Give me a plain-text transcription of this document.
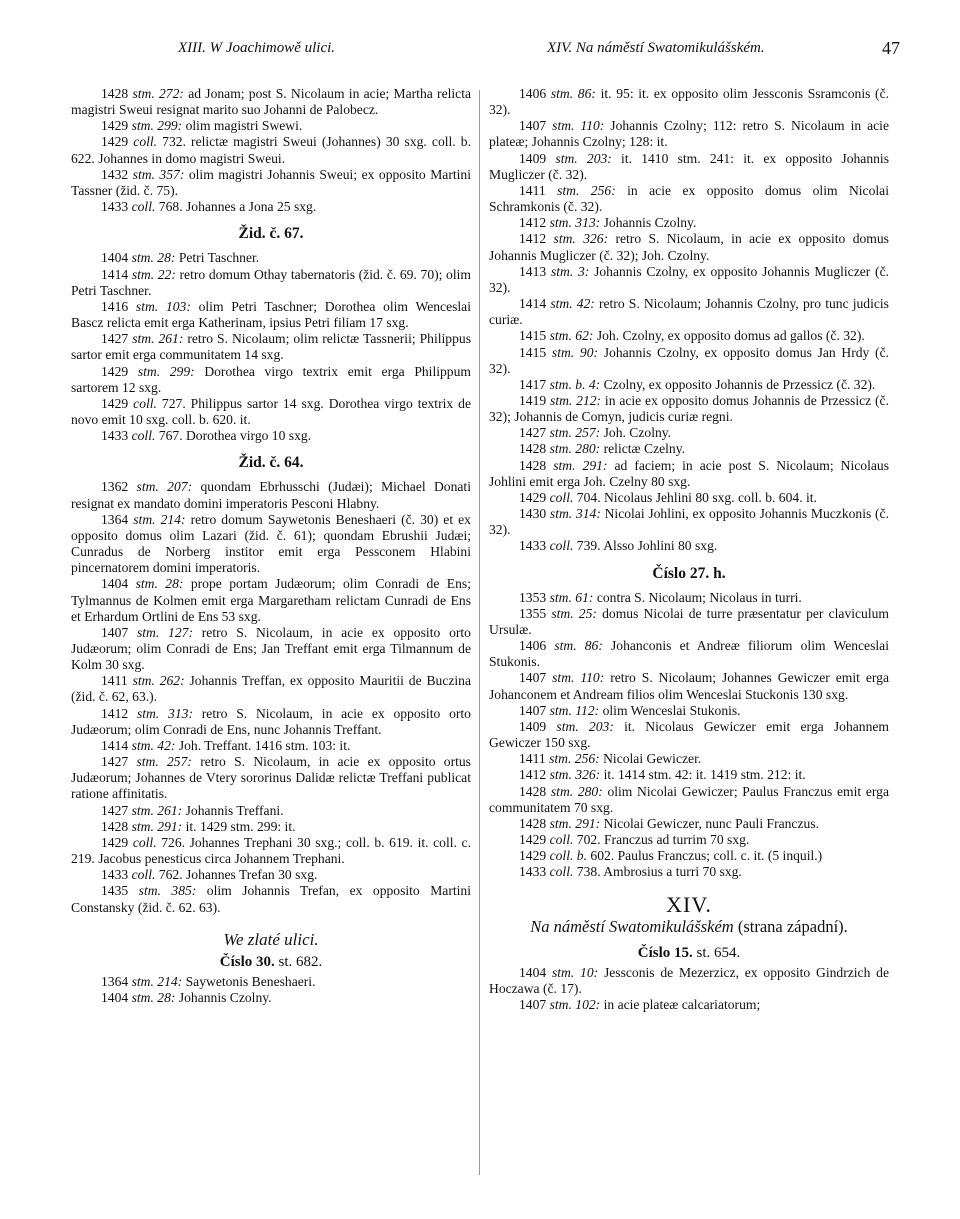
XIII. W Joachimowě ulici.	XIV. Na náměstí Swatomikulášském.	47

1428 stm. 272: ad Jonam; post S. Nicolaum in acie; Martha relicta magistri Sweui resignat marito suo Johanni de Palobecz.

1429 stm. 299: olim magistri Swewi.

1429 coll. 732. relictæ magistri Sweui (Johannes) 30 sxg. coll. b. 622. Johannes in domo magistri Sweui.

1432 stm. 357: olim magistri Johannis Sweui; ex opposito Martini Tassner (žid. č. 75).

1433 coll. 768. Johannes a Jona 25 sxg.

Žid. č. 67.

1404 stm. 28: Petri Taschner.

1414 stm. 22: retro domum Othay tabernatoris (žid. č. 69. 70); olim Petri Taschner.

1416 stm. 103: olim Petri Taschner; Dorothea olim Wenceslai Bascz relicta emit erga Katherinam, ipsius Petri filiam 17 sxg.

1427 stm. 261: retro S. Nicolaum; olim relictæ Tassnerii; Philippus sartor emit erga communitatem 14 sxg.

1429 stm. 299: Dorothea virgo textrix emit erga Philippum sartorem 12 sxg.

1429 coll. 727. Philippus sartor 14 sxg. Dorothea virgo textrix de novo emit 10 sxg. coll. b. 620. it.

1433 coll. 767. Dorothea virgo 10 sxg.

Žid. č. 64.

1362 stm. 207: quondam Ebrhusschi (Judæi); Michael Donati resignat ex mandato domini imperatoris Pesconi Hlabny.

1364 stm. 214: retro domum Saywetonis Beneshaeri (č. 30) et ex opposito domus olim Lazari (žid. č. 61); quondam Ebrushii Judæi; Cunradus de Norberg institor emit erga Pessconem Hlabini pincernatorem domini imperatoris.

1404 stm. 28: prope portam Judæorum; olim Conradi de Ens; Tylmannus de Kolmen emit erga Margaretham relictam Cunradi de Ens et Erhardum Ortlini de Ens 53 sxg.

1407 stm. 127: retro S. Nicolaum, in acie ex opposito orto Judæorum; olim Conradi de Ens; Jan Treffant emit erga Tilmannum de Kolm 30 sxg.

1411 stm. 262: Johannis Treffan, ex opposito Mauritii de Buczina (žid. č. 62, 63.).

1412 stm. 313: retro S. Nicolaum, in acie ex opposito orto Judæorum; olim Conradi de Ens, nunc Johannis Treffant.

1414 stm. 42: Joh. Treffant. 1416 stm. 103: it.

1427 stm. 257: retro S. Nicolaum, in acie ex opposito ortus Judæorum; Johannes de Vtery sororinus Dalidæ relictæ Treffani publicat ratione affinitatis.

1427 stm. 261: Johannis Treffani.

1428 stm. 291: it. 1429 stm. 299: it.

1429 coll. 726. Johannes Trephani 30 sxg.; coll. b. 619. it. coll. c. 219. Jacobus penesticus circa Johannem Trephani.

1433 coll. 762. Johannes Trefan 30 sxg.

1435 stm. 385: olim Johannis Trefan, ex opposito Martini Constansky (žid. č. 62. 63).

We zlaté ulici.
Číslo 30. st. 682.

1364 stm. 214: Saywetonis Beneshaeri.

1404 stm. 28: Johannis Czolny.

1406 stm. 86: it. 95: it. ex opposito olim Jessconis Ssramconis (č. 32).

1407 stm. 110: Johannis Czolny; 112: retro S. Nicolaum in acie plateæ; Johannis Czolny; 128: it.

1409 stm. 203: it. 1410 stm. 241: it. ex opposito Johannis Mugliczer (č. 32).

1411 stm. 256: in acie ex opposito domus olim Nicolai Schramkonis (č. 32).

1412 stm. 313: Johannis Czolny.

1412 stm. 326: retro S. Nicolaum, in acie ex opposito domus Johannis Mugliczer (č. 32); Joh. Czolny.

1413 stm. 3: Johannis Czolny, ex opposito Johannis Mugliczer (č. 32).

1414 stm. 42: retro S. Nicolaum; Johannis Czolny, pro tunc judicis curiæ.

1415 stm. 62: Joh. Czolny, ex opposito domus ad gallos (č. 32).

1415 stm. 90: Johannis Czolny, ex opposito domus Jan Hrdy (č. 32).

1417 stm. b. 4: Czolny, ex opposito Johannis de Przessicz (č. 32).

1419 stm. 212: in acie ex opposito domus Johannis de Przessicz (č. 32); Johannis de Comyn, judicis curiæ regni.

1427 stm. 257: Joh. Czolny.

1428 stm. 280: relictæ Czelny.

1428 stm. 291: ad faciem; in acie post S. Nicolaum; Nicolaus Johlini emit erga Joh. Czelny 80 sxg.

1429 coll. 704. Nicolaus Jehlini 80 sxg. coll. b. 604. it.

1430 stm. 314: Nicolai Johlini, ex opposito Johannis Muczkonis (č. 32).

1433 coll. 739. Alsso Johlini 80 sxg.

Číslo 27. h.

1353 stm. 61: contra S. Nicolaum; Nicolaus in turri.

1355 stm. 25: domus Nicolai de turre præsentatur per claviculum Ursulæ.

1406 stm. 86: Johanconis et Andreæ filiorum olim Wenceslai Stukonis.

1407 stm. 110: retro S. Nicolaum; Johannes Gewiczer emit erga Johanconem et Andream filios olim Wenceslai Stuckonis 130 sxg.

1407 stm. 112: olim Wenceslai Stukonis.

1409 stm. 203: it. Nicolaus Gewiczer emit erga Johannem Gewiczer 150 sxg.

1411 stm. 256: Nicolai Gewiczer.

1412 stm. 326: it. 1414 stm. 42: it. 1419 stm. 212: it.

1428 stm. 280: olim Nicolai Gewiczer; Paulus Franczus emit erga communitatem 70 sxg.

1428 stm. 291: Nicolai Gewiczer, nunc Pauli Franczus.

1429 coll. 702. Franczus ad turrim 70 sxg.

1429 coll. b. 602. Paulus Franczus; coll. c. it. (5 inquil.)

1433 coll. 738. Ambrosius a turri 70 sxg.

XIV.
Na náměstí Swatomikulášském (strana západní).
Číslo 15. st. 654.

1404 stm. 10: Jessconis de Mezerzicz, ex opposito Gindrzich de Hoczawa (č. 17).

1407 stm. 102: in acie plateæ calcariatorum;
